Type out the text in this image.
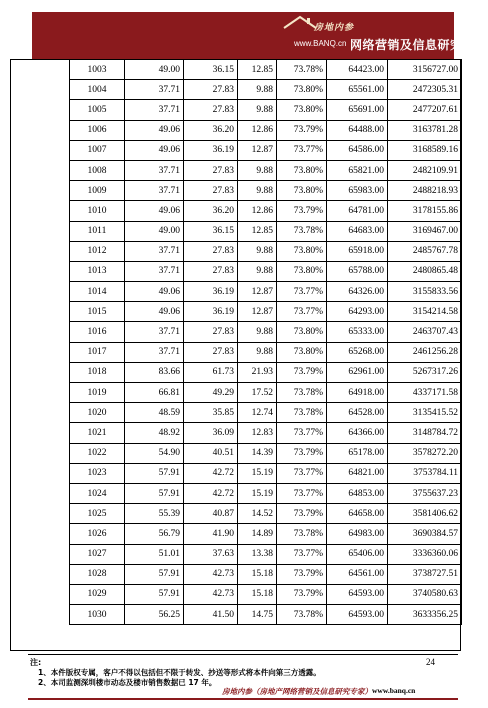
房地内参
www.BANQ.cn 网络营销及信息研究专家
	1003	49.00	36.15	12.85	73.78%	64423.00	3156727.00
	1004	37.71	27.83	9.88	73.80%	65561.00	2472305.31
	1005	37.71	27.83	9.88	73.80%	65691.00	2477207.61
	1006	49.06	36.20	12.86	73.79%	64488.00	3163781.28
	1007	49.06	36.19	12.87	73.77%	64586.00	3168589.16
	1008	37.71	27.83	9.88	73.80%	65821.00	2482109.91
	1009	37.71	27.83	9.88	73.80%	65983.00	2488218.93
	1010	49.06	36.20	12.86	73.79%	64781.00	3178155.86
	1011	49.00	36.15	12.85	73.78%	64683.00	3169467.00
	1012	37.71	27.83	9.88	73.80%	65918.00	2485767.78
	1013	37.71	27.83	9.88	73.80%	65788.00	2480865.48
	1014	49.06	36.19	12.87	73.77%	64326.00	3155833.56
	1015	49.06	36.19	12.87	73.77%	64293.00	3154214.58
	1016	37.71	27.83	9.88	73.80%	65333.00	2463707.43
	1017	37.71	27.83	9.88	73.80%	65268.00	2461256.28
	1018	83.66	61.73	21.93	73.79%	62961.00	5267317.26
	1019	66.81	49.29	17.52	73.78%	64918.00	4337171.58
	1020	48.59	35.85	12.74	73.78%	64528.00	3135415.52
	1021	48.92	36.09	12.83	73.77%	64366.00	3148784.72
	1022	54.90	40.51	14.39	73.79%	65178.00	3578272.20
	1023	57.91	42.72	15.19	73.77%	64821.00	3753784.11
	1024	57.91	42.72	15.19	73.77%	64853.00	3755637.23
	1025	55.39	40.87	14.52	73.79%	64658.00	3581406.62
	1026	56.79	41.90	14.89	73.78%	64983.00	3690384.57
	1027	51.01	37.63	13.38	73.77%	65406.00	3336360.06
	1028	57.91	42.73	15.18	73.79%	64561.00	3738727.51
	1029	57.91	42.73	15.18	73.79%	64593.00	3740580.63
	1030	56.25	41.50	14.75	73.78%	64593.00	3633356.25
注:
1、本件版权专属，客户不得以包括但不限于转发、抄送等形式将本件向第三方透露。
2、本司监测深圳楼市动态及楼市销售数据已 17 年。
24
房地内参（房地产网络营销及信息研究专家） www.banq.cn
